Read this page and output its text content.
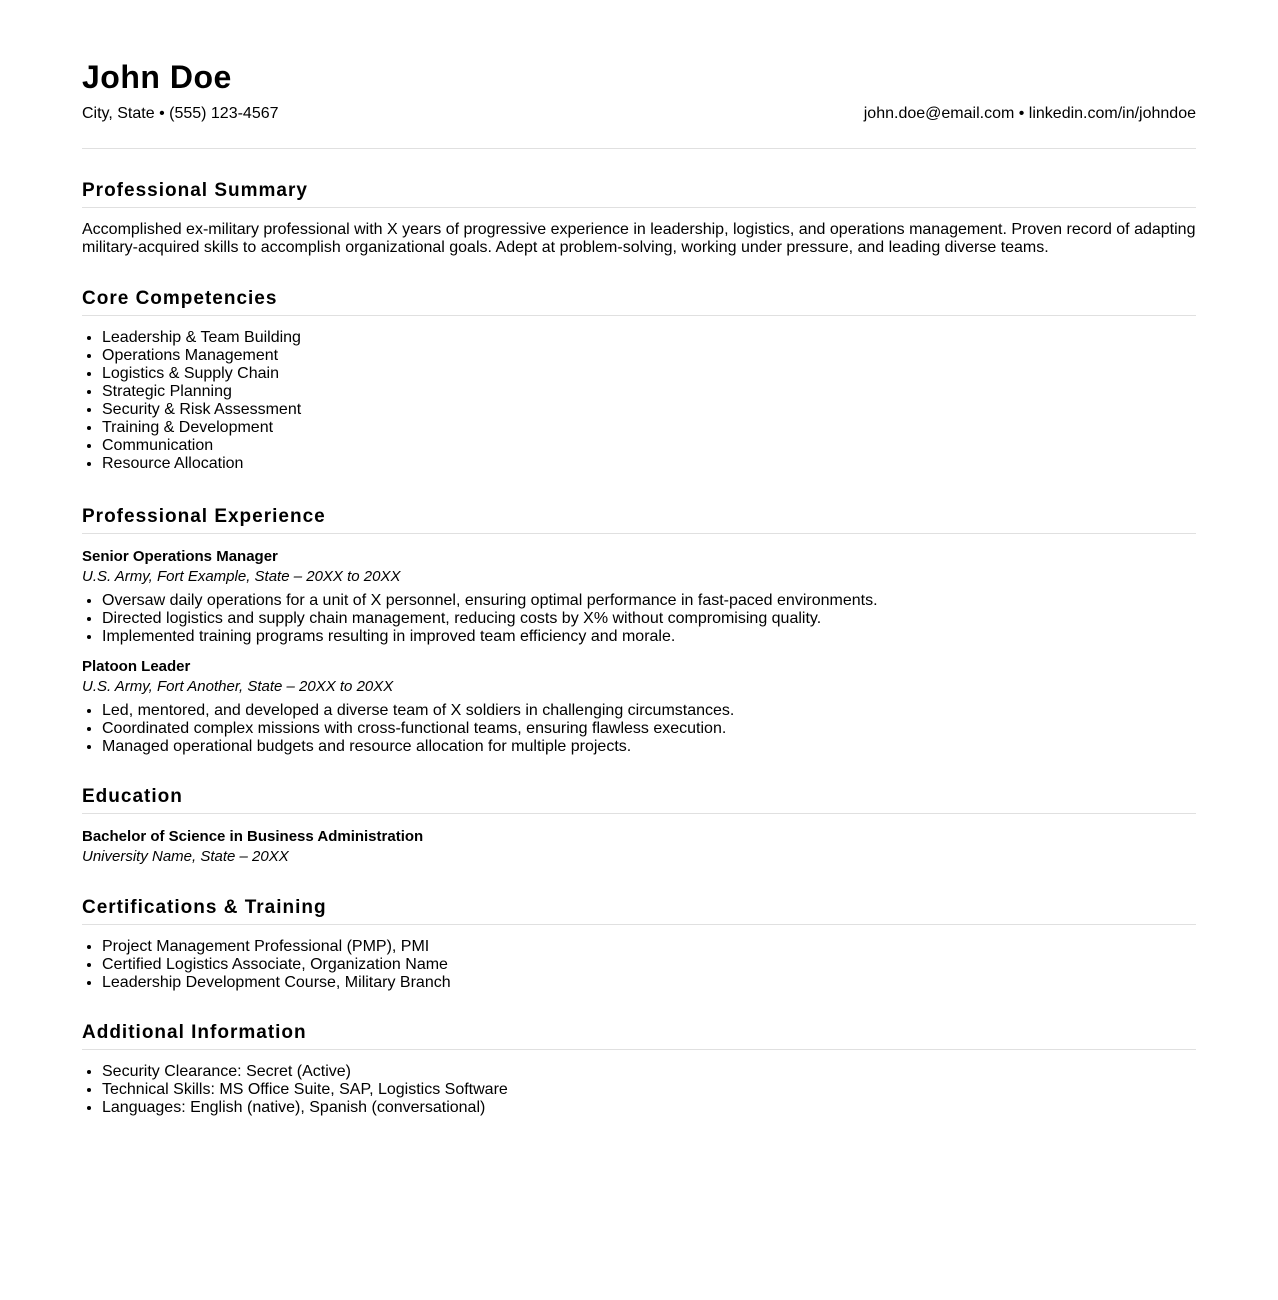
John Doe
City, State • (555) 123-4567	john.doe@email.com • linkedin.com/in/johndoe
Professional Summary

Accomplished ex-military professional with X years of progressive experience in leadership, logistics, and operations management. Proven record of adapting military-acquired skills to accomplish organizational goals. Adept at problem-solving, working under pressure, and leading diverse teams.

Core Competencies
• Leadership & Team Building
• Operations Management
• Logistics & Supply Chain
• Strategic Planning
• Security & Risk Assessment
• Training & Development
• Communication
• Resource Allocation
Professional Experience
Senior Operations Manager
U.S. Army, Fort Example, State – 20XX to 20XX
• Oversaw daily operations for a unit of X personnel, ensuring optimal performance in fast-paced environments.
• Directed logistics and supply chain management, reducing costs by X% without compromising quality.
• Implemented training programs resulting in improved team efficiency and morale.
Platoon Leader
U.S. Army, Fort Another, State – 20XX to 20XX
• Led, mentored, and developed a diverse team of X soldiers in challenging circumstances.
• Coordinated complex missions with cross-functional teams, ensuring flawless execution.
• Managed operational budgets and resource allocation for multiple projects.
Education
Bachelor of Science in Business Administration
University Name, State – 20XX
Certifications & Training
• Project Management Professional (PMP), PMI
• Certified Logistics Associate, Organization Name
• Leadership Development Course, Military Branch
Additional Information
• Security Clearance: Secret (Active)
• Technical Skills: MS Office Suite, SAP, Logistics Software
• Languages: English (native), Spanish (conversational)
